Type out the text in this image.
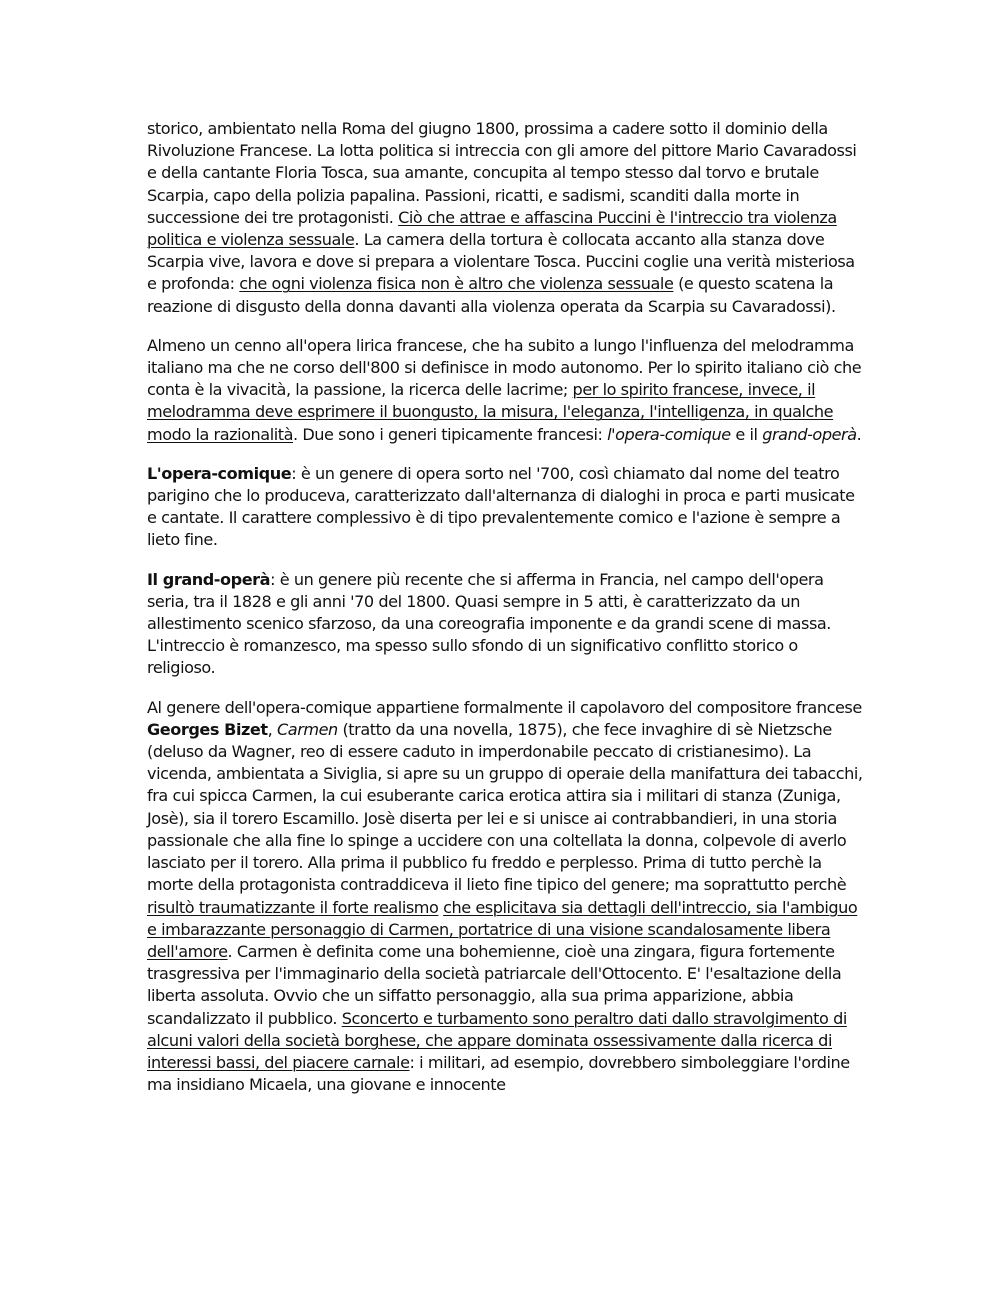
storico, ambientato nella Roma del giugno 1800, prossima a cadere sotto il dominio della Rivoluzione Francese. La lotta politica si intreccia con gli amore del pittore Mario Cavaradossi e della cantante Floria Tosca, sua amante, concupita al tempo stesso dal torvo e brutale Scarpia, capo della polizia papalina. Passioni, ricatti, e sadismi, scanditi dalla morte in successione dei tre protagonisti. Ciò che attrae e affascina Puccini è l'intreccio tra violenza politica e violenza sessuale. La camera della tortura è collocata accanto alla stanza dove Scarpia vive, lavora e dove si prepara a violentare Tosca. Puccini coglie una verità misteriosa e profonda: che ogni violenza fisica non è altro che violenza sessuale (e questo scatena la reazione di disgusto della donna davanti alla violenza operata da Scarpia su Cavaradossi).

Almeno un cenno all'opera lirica francese, che ha subito a lungo l'influenza del melodramma italiano ma che ne corso dell'800 si definisce in modo autonomo. Per lo spirito italiano ciò che conta è la vivacità, la passione, la ricerca delle lacrime; per lo spirito francese, invece, il melodramma deve esprimere il buongusto, la misura, l'eleganza, l'intelligenza, in qualche modo la razionalità. Due sono i generi tipicamente francesi: l'opera-comique e il grand-operà.

L'opera-comique: è un genere di opera sorto nel '700, così chiamato dal nome del teatro parigino che lo produceva, caratterizzato dall'alternanza di dialoghi in proca e parti musicate e cantate. Il carattere complessivo è di tipo prevalentemente comico e l'azione è sempre a lieto fine.

Il grand-operà: è un genere più recente che si afferma in Francia, nel campo dell'opera seria, tra il 1828 e gli anni '70 del 1800. Quasi sempre in 5 atti, è caratterizzato da un allestimento scenico sfarzoso, da una coreografia imponente e da grandi scene di massa. L'intreccio è romanzesco, ma spesso sullo sfondo di un significativo conflitto storico o religioso.

Al genere dell'opera-comique appartiene formalmente il capolavoro del compositore francese Georges Bizet, Carmen (tratto da una novella, 1875), che fece invaghire di sè Nietzsche (deluso da Wagner, reo di essere caduto in imperdonabile peccato di cristianesimo). La vicenda, ambientata a Siviglia, si apre su un gruppo di operaie della manifattura dei tabacchi, fra cui spicca Carmen, la cui esuberante carica erotica attira sia i militari di stanza (Zuniga, Josè), sia il torero Escamillo. Josè diserta per lei e si unisce ai contrabbandieri, in una storia passionale che alla fine lo spinge a uccidere con una coltellata la donna, colpevole di averlo lasciato per il torero. Alla prima il pubblico fu freddo e perplesso. Prima di tutto perchè la morte della protagonista contraddiceva il lieto fine tipico del genere; ma soprattutto perchè risultò traumatizzante il forte realismo che esplicitava sia dettagli dell'intreccio, sia l'ambiguo e imbarazzante personaggio di Carmen, portatrice di una visione scandalosamente libera dell'amore. Carmen è definita come una bohemienne, cioè una zingara, figura fortemente trasgressiva per l'immaginario della società patriarcale dell'Ottocento. E' l'esaltazione della liberta assoluta. Ovvio che un siffatto personaggio, alla sua prima apparizione, abbia scandalizzato il pubblico. Sconcerto e turbamento sono peraltro dati dallo stravolgimento di alcuni valori della società borghese, che appare dominata ossessivamente dalla ricerca di interessi bassi, del piacere carnale: i militari, ad esempio, dovrebbero simboleggiare l'ordine ma insidiano Micaela, una giovane e innocente
